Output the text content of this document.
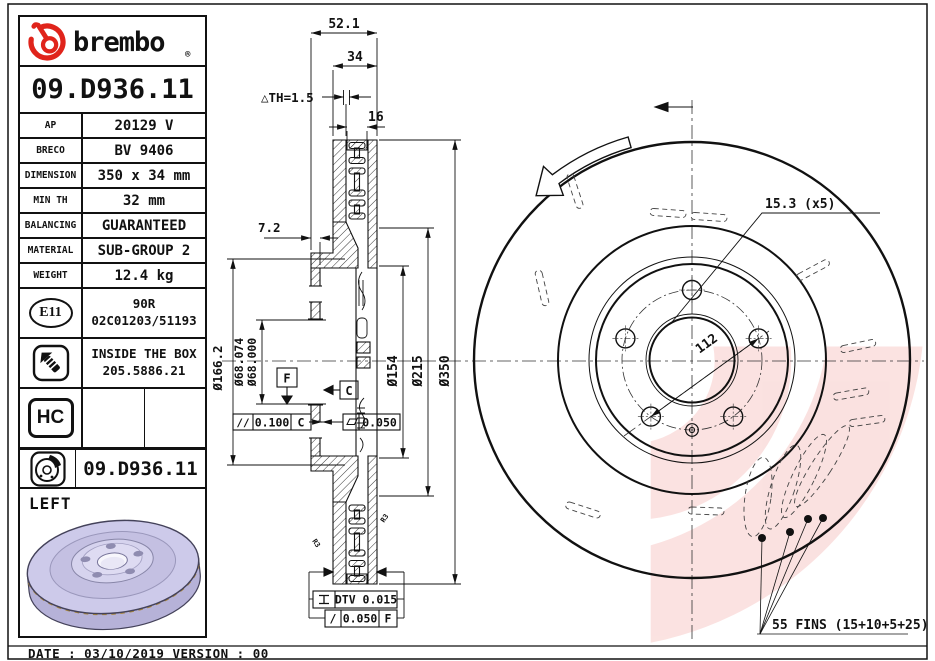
52.1
34
△TH=1.5
16
7.2
Ø166.2 Ø68.074 Ø68.000	Ø154 Ø215 Ø350
15.3 (x5)
112
R3
R3
F
C
// 0.100 C	0.050
DTV 0.015
/ 0.050 F	55 FINS (15+10+5+25)
brembo ®
09.D936.11
AP	20129 V
BRECO	BV 9406
DIMENSION	350 x 34 mm
MIN TH	32 mm
BALANCING	GUARANTEED
MATERIAL	SUB-GROUP 2
WEIGHT	12.4 kg
E11
90R
02C01203/51193
INSIDE THE BOX
205.5886.21
HC
09.D936.11
LEFT
DATE : 03/10/2019 VERSION : 00
